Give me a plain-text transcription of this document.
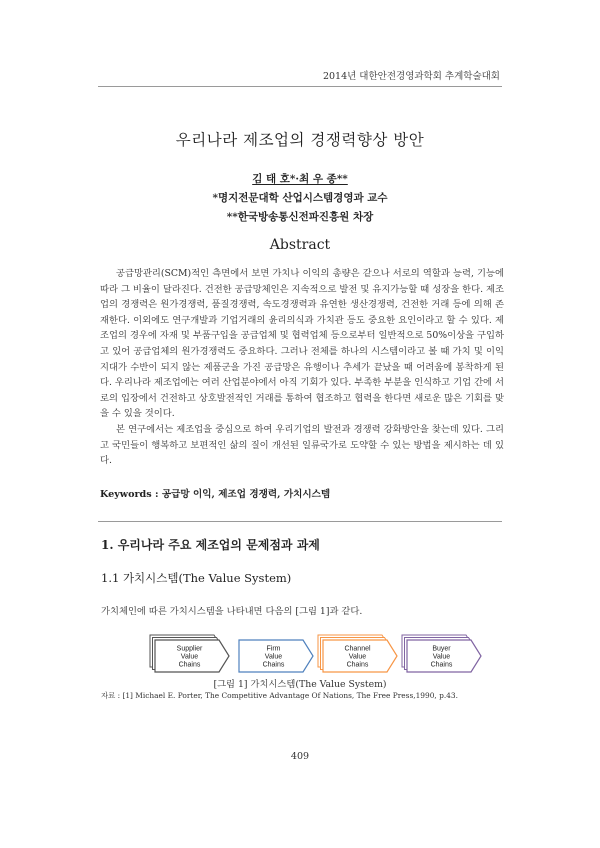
2014년 대한안전경영과학회 추계학술대회
우리나라 제조업의 경쟁력향상 방안
김 태 호*·최 우 종**
*명지전문대학 산업시스템경영과 교수
**한국방송통신전파진흥원 차장
Abstract

공급망관리(SCM)적인 측면에서 보면 가치나 이익의 총량은 같으나 서로의 역할과 능력, 기능에 따라 그 비율이 달라진다. 건전한 공급망체인은 지속적으로 발전 및 유지가능할 때 성장을 한다. 제조업의 경쟁력은 원가경쟁력, 품질경쟁력, 속도경쟁력과 유연한 생산경쟁력, 건전한 거래 등에 의해 존재한다. 이외에도 연구개발과 기업거래의 윤리의식과 가치관 등도 중요한 요인이라고 할 수 있다. 제조업의 경우에 자재 및 부품구입을 공급업체 및 협력업체 등으로부터 일반적으로 50%이상을 구입하고 있어 공급업체의 원가경쟁력도 중요하다. 그러나 전체를 하나의 시스템이라고 볼 때 가치 및 이익지대가 수반이 되지 않는 제품군을 가진 공급망은 유행이나 추세가 끝났을 때 어려움에 봉착하게 된다. 우리나라 제조업에는 여러 산업분야에서 아직 기회가 있다. 부족한 부분을 인식하고 기업 간에 서로의 입장에서 건전하고 상호발전적인 거래를 통하여 협조하고 협력을 한다면 새로운 많은 기회를 맞을 수 있을 것이다.

본 연구에서는 제조업을 중심으로 하여 우리기업의 발전과 경쟁력 강화방안을 찾는데 있다. 그리고 국민들이 행복하고 보편적인 삶의 질이 개선된 일류국가로 도약할 수 있는 방법을 제시하는 데 있다.

Keywords : 공급망 이익, 제조업 경쟁력, 가치시스템
1. 우리나라 주요 제조업의 문제점과 과제
1.1 가치시스템(The Value System)
가치체인에 따른 가치시스템을 나타내면 다음의 [그림 1]과 같다.
Supplier Value Chains
Firm Value Chains
Channel Value Chains
Buyer Value Chains
[그림 1] 가치시스템(The Value System)
자료 : [1] Michael E. Porter, The Competitive Advantage Of Nations, The Free Press,1990, p.43.
409
